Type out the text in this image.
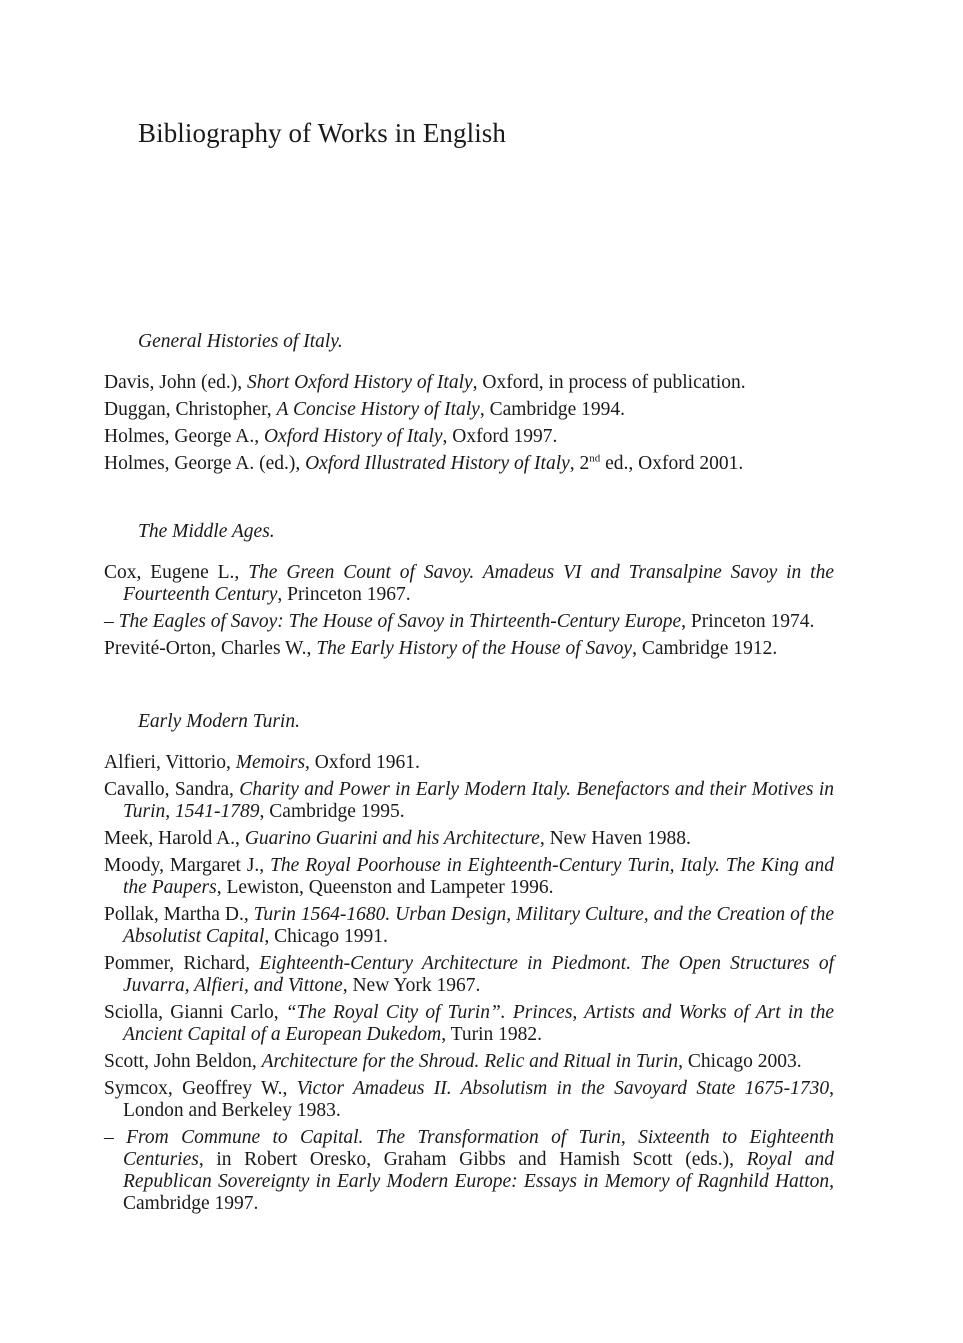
Bibliography of Works in English
General Histories of Italy.
Davis, John (ed.), Short Oxford History of Italy, Oxford, in process of publication.
Duggan, Christopher, A Concise History of Italy, Cambridge 1994.
Holmes, George A., Oxford History of Italy, Oxford 1997.
Holmes, George A. (ed.), Oxford Illustrated History of Italy, 2nd ed., Oxford 2001.
The Middle Ages.
Cox, Eugene L., The Green Count of Savoy. Amadeus VI and Transalpine Savoy in the Fourteenth Century, Princeton 1967.
– The Eagles of Savoy: The House of Savoy in Thirteenth-Century Europe, Princeton 1974.
Previté-Orton, Charles W., The Early History of the House of Savoy, Cambridge 1912.
Early Modern Turin.
Alfieri, Vittorio, Memoirs, Oxford 1961.
Cavallo, Sandra, Charity and Power in Early Modern Italy. Benefactors and their Motives in Turin, 1541-1789, Cambridge 1995.
Meek, Harold A., Guarino Guarini and his Architecture, New Haven 1988.
Moody, Margaret J., The Royal Poorhouse in Eighteenth-Century Turin, Italy. The King and the Paupers, Lewiston, Queenston and Lampeter 1996.
Pollak, Martha D., Turin 1564-1680. Urban Design, Military Culture, and the Creation of the Absolutist Capital, Chicago 1991.
Pommer, Richard, Eighteenth-Century Architecture in Piedmont. The Open Structures of Juvarra, Alfieri, and Vittone, New York 1967.
Sciolla, Gianni Carlo, “The Royal City of Turin”. Princes, Artists and Works of Art in the Ancient Capital of a European Dukedom, Turin 1982.
Scott, John Beldon, Architecture for the Shroud. Relic and Ritual in Turin, Chicago 2003.
Symcox, Geoffrey W., Victor Amadeus II. Absolutism in the Savoyard State 1675-1730, London and Berkeley 1983.
– From Commune to Capital. The Transformation of Turin, Sixteenth to Eighteenth Centuries, in Robert Oresko, Graham Gibbs and Hamish Scott (eds.), Royal and Republican Sovereignty in Early Modern Europe: Essays in Memory of Ragnhild Hatton, Cambridge 1997.
